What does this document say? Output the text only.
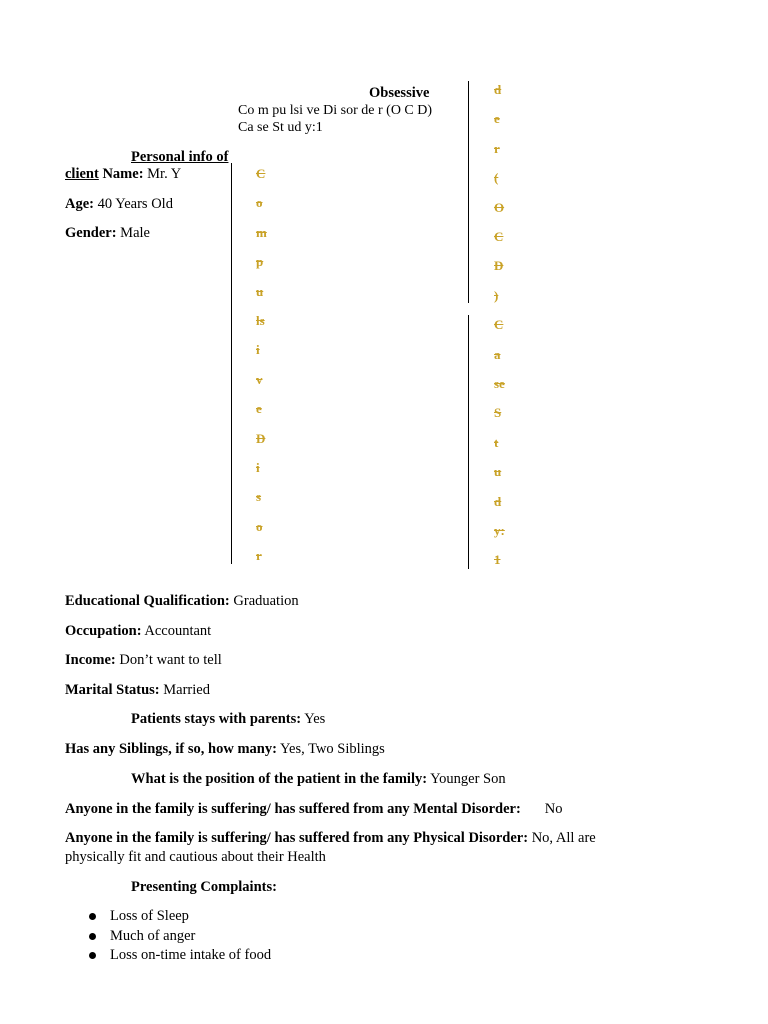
Obsessive
Co m pu lsi ve Di sor de r (O C D)
Ca se St ud y:1
Personal info of
client Name: Mr. Y
Age: 40 Years Old
Gender: Male
C
o
m
p
u
ls
i
v
e
D
i
s
o
r
d
e
r
(
O
C
D
)
C
a
se
S
t
u
d
y:
1
Educational Qualification: Graduation
Occupation: Accountant
Income: Don’t want to tell
Marital Status: Married
Patients stays with parents: Yes
Has any Siblings, if so, how many: Yes, Two Siblings
What is the position of the patient in the family: Younger Son
Anyone in the family is suffering/ has suffered from any Mental Disorder: No
Anyone in the family is suffering/ has suffered from any Physical Disorder: No, All are
physically fit and cautious about their Health
Presenting Complaints:
Loss of Sleep
Much of anger
Loss on-time intake of food
